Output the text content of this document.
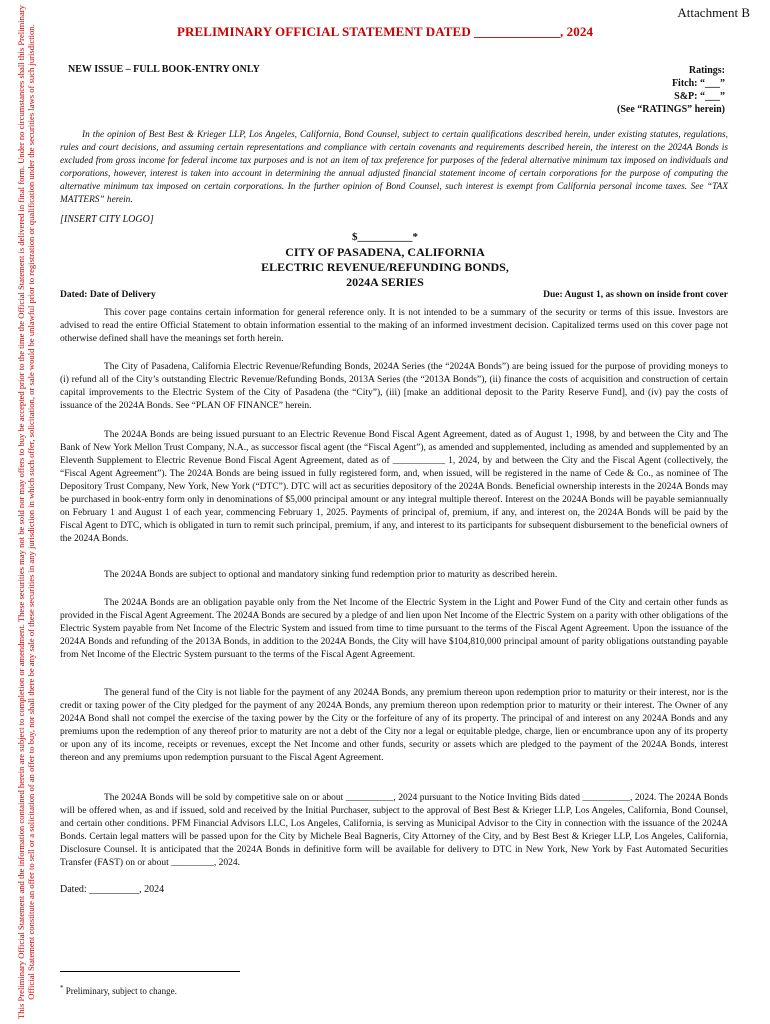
This Preliminary Official Statement and the information contained herein are subject to completion or amendment. These securities may not be sold nor may offers to buy be accepted prior to the time the Official Statement is delivered in final form. Under no circumstances shall this Preliminary Official Statement constitute an offer to sell or a solicitation of an offer to buy, nor shall there be any sale of these securities in any jurisdiction in which such offer, solicitation, or sale would be unlawful prior to registration or qualification under the securities laws of such jurisdiction.
Attachment B
PRELIMINARY OFFICIAL STATEMENT DATED _____________, 2024
NEW ISSUE – FULL BOOK-ENTRY ONLY	Ratings:
Fitch: “___”
S&P: “___”
(See “RATINGS” herein)
In the opinion of Best Best & Krieger LLP, Los Angeles, California, Bond Counsel, subject to certain qualifications described herein, under existing statutes, regulations, rules and court decisions, and assuming certain representations and compliance with certain covenants and requirements described herein, the interest on the 2024A Bonds is excluded from gross income for federal income tax purposes and is not an item of tax preference for purposes of the federal alternative minimum tax imposed on individuals and corporations, however, interest is taken into account in determining the annual adjusted financial statement income of certain corporations for the purpose of computing the alternative minimum tax imposed on certain corporations. In the further opinion of Bond Counsel, such interest is exempt from California personal income taxes. See “TAX MATTERS” herein.
[INSERT CITY LOGO]
$__________*
CITY OF PASADENA, CALIFORNIA
ELECTRIC REVENUE/REFUNDING BONDS,
2024A SERIES
Dated: Date of Delivery	Due: August 1, as shown on inside front cover
This cover page contains certain information for general reference only. It is not intended to be a summary of the security or terms of this issue. Investors are advised to read the entire Official Statement to obtain information essential to the making of an informed investment decision. Capitalized terms used on this cover page not otherwise defined shall have the meanings set forth herein.
The City of Pasadena, California Electric Revenue/Refunding Bonds, 2024A Series (the “2024A Bonds”) are being issued for the purpose of providing moneys to (i) refund all of the City’s outstanding Electric Revenue/Refunding Bonds, 2013A Series (the “2013A Bonds”), (ii) finance the costs of acquisition and construction of certain capital improvements to the Electric System of the City of Pasadena (the “City”), (iii) [make an additional deposit to the Parity Reserve Fund], and (iv) pay the costs of issuance of the 2024A Bonds. See “PLAN OF FINANCE” herein.
The 2024A Bonds are being issued pursuant to an Electric Revenue Bond Fiscal Agent Agreement, dated as of August 1, 1998, by and between the City and The Bank of New York Mellon Trust Company, N.A., as successor fiscal agent (the “Fiscal Agent”), as amended and supplemented, including as amended and supplemented by an Eleventh Supplement to Electric Revenue Bond Fiscal Agent Agreement, dated as of ___________ 1, 2024, by and between the City and the Fiscal Agent (collectively, the “Fiscal Agent Agreement”). The 2024A Bonds are being issued in fully registered form, and, when issued, will be registered in the name of Cede & Co., as nominee of The Depository Trust Company, New York, New York (“DTC”). DTC will act as securities depository of the 2024A Bonds. Beneficial ownership interests in the 2024A Bonds may be purchased in book-entry form only in denominations of $5,000 principal amount or any integral multiple thereof. Interest on the 2024A Bonds will be payable semiannually on February 1 and August 1 of each year, commencing February 1, 2025. Payments of principal of, premium, if any, and interest on, the 2024A Bonds will be paid by the Fiscal Agent to DTC, which is obligated in turn to remit such principal, premium, if any, and interest to its participants for subsequent disbursement to the beneficial owners of the 2024A Bonds.
The 2024A Bonds are subject to optional and mandatory sinking fund redemption prior to maturity as described herein.
The 2024A Bonds are an obligation payable only from the Net Income of the Electric System in the Light and Power Fund of the City and certain other funds as provided in the Fiscal Agent Agreement. The 2024A Bonds are secured by a pledge of and lien upon Net Income of the Electric System on a parity with other obligations of the Electric System payable from Net Income of the Electric System and issued from time to time pursuant to the terms of the Fiscal Agent Agreement. Upon the issuance of the 2024A Bonds and refunding of the 2013A Bonds, in addition to the 2024A Bonds, the City will have $104,810,000 principal amount of parity obligations outstanding payable from Net Income of the Electric System pursuant to the terms of the Fiscal Agent Agreement.
The general fund of the City is not liable for the payment of any 2024A Bonds, any premium thereon upon redemption prior to maturity or their interest, nor is the credit or taxing power of the City pledged for the payment of any 2024A Bonds, any premium thereon upon redemption prior to maturity or their interest. The Owner of any 2024A Bond shall not compel the exercise of the taxing power by the City or the forfeiture of any of its property. The principal of and interest on any 2024A Bonds and any premiums upon the redemption of any thereof prior to maturity are not a debt of the City nor a legal or equitable pledge, charge, lien or encumbrance upon any of its property or upon any of its income, receipts or revenues, except the Net Income and other funds, security or assets which are pledged to the payment of the 2024A Bonds, interest thereon and any premiums upon redemption pursuant to the Fiscal Agent Agreement.
The 2024A Bonds will be sold by competitive sale on or about __________, 2024 pursuant to the Notice Inviting Bids dated __________, 2024. The 2024A Bonds will be offered when, as and if issued, sold and received by the Initial Purchaser, subject to the approval of Best Best & Krieger LLP, Los Angeles, California, Bond Counsel, and certain other conditions. PFM Financial Advisors LLC, Los Angeles, California, is serving as Municipal Advisor to the City in connection with the issuance of the 2024A Bonds. Certain legal matters will be passed upon for the City by Michele Beal Bagneris, City Attorney of the City, and by Best Best & Krieger LLP, Los Angeles, California, Disclosure Counsel. It is anticipated that the 2024A Bonds in definitive form will be available for delivery to DTC in New York, New York by Fast Automated Securities Transfer (FAST) on or about _________, 2024.
Dated: __________, 2024
* Preliminary, subject to change.
